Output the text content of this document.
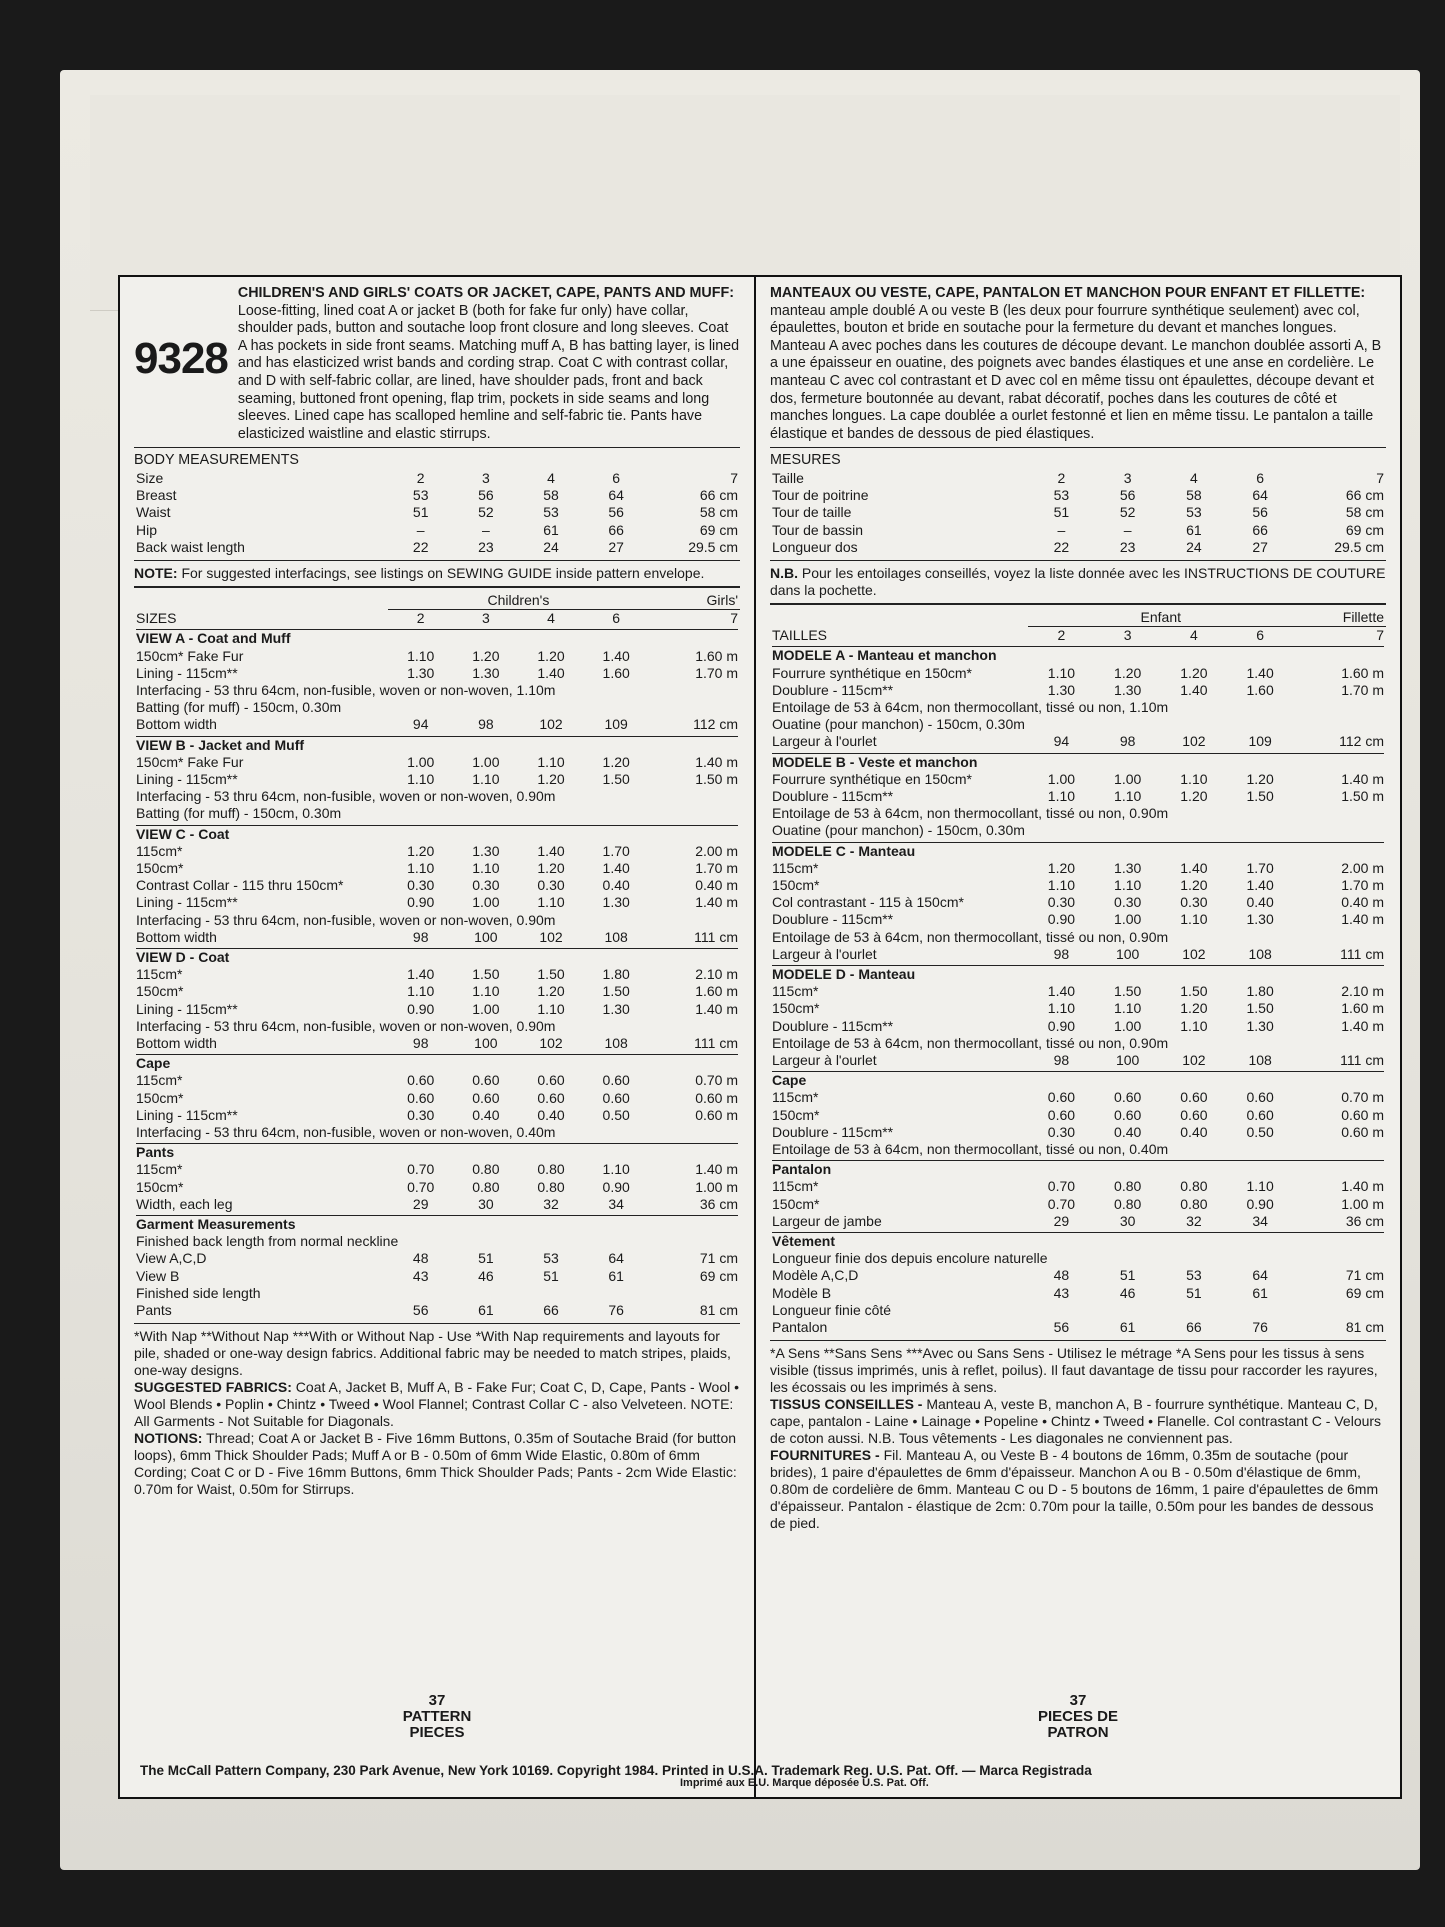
9328
CHILDREN'S AND GIRLS' COATS OR JACKET, CAPE, PANTS AND MUFF: Loose-fitting, lined coat A or jacket B (both for fake fur only) have collar, shoulder pads, button and soutache loop front closure and long sleeves. Coat A has pockets in side front seams. Matching muff A, B has batting layer, is lined and has elasticized wrist bands and cording strap. Coat C with contrast collar, and D with self-fabric collar, are lined, have shoulder pads, front and back seaming, buttoned front opening, flap trim, pockets in side seams and long sleeves. Lined cape has scalloped hemline and self-fabric tie. Pants have elasticized waistline and elastic stirrups.
BODY MEASUREMENTS
Size	2	3	4	6	7
Breast	53	56	58	64	66 cm
Waist	51	52	53	56	58 cm
Hip	–	–	61	66	69 cm
Back waist length	22	23	24	27	29.5 cm
NOTE: For suggested interfacings, see listings on SEWING GUIDE inside pattern envelope.
	Children's				Girls'
SIZES	2	3	4	6	7

VIEW A - Coat and Muff					
150cm* Fake Fur	1.10	1.20	1.20	1.40	1.60 m
Lining - 115cm**	1.30	1.30	1.40	1.60	1.70 m
Interfacing - 53 thru 64cm, non-fusible, woven or non-woven, 1.10m					
Batting (for muff) - 150cm, 0.30m					
Bottom width	94	98	102	109	112 cm

VIEW B - Jacket and Muff					
150cm* Fake Fur	1.00	1.00	1.10	1.20	1.40 m
Lining - 115cm**	1.10	1.10	1.20	1.50	1.50 m
Interfacing - 53 thru 64cm, non-fusible, woven or non-woven, 0.90m					
Batting (for muff) - 150cm, 0.30m					

VIEW C - Coat					
115cm*	1.20	1.30	1.40	1.70	2.00 m
150cm*	1.10	1.10	1.20	1.40	1.70 m
Contrast Collar - 115 thru 150cm*	0.30	0.30	0.30	0.40	0.40 m
Lining - 115cm**	0.90	1.00	1.10	1.30	1.40 m
Interfacing - 53 thru 64cm, non-fusible, woven or non-woven, 0.90m					
Bottom width	98	100	102	108	111 cm

VIEW D - Coat					
115cm*	1.40	1.50	1.50	1.80	2.10 m
150cm*	1.10	1.10	1.20	1.50	1.60 m
Lining - 115cm**	0.90	1.00	1.10	1.30	1.40 m
Interfacing - 53 thru 64cm, non-fusible, woven or non-woven, 0.90m					
Bottom width	98	100	102	108	111 cm

Cape					
115cm*	0.60	0.60	0.60	0.60	0.70 m
150cm*	0.60	0.60	0.60	0.60	0.60 m
Lining - 115cm**	0.30	0.40	0.40	0.50	0.60 m
Interfacing - 53 thru 64cm, non-fusible, woven or non-woven, 0.40m					

Pants					
115cm*	0.70	0.80	0.80	1.10	1.40 m
150cm*	0.70	0.80	0.80	0.90	1.00 m
Width, each leg	29	30	32	34	36 cm

Garment Measurements					
Finished back length from normal neckline					
View A,C,D	48	51	53	64	71 cm
View B	43	46	51	61	69 cm
Finished side length					
Pants	56	61	66	76	81 cm
*With Nap **Without Nap ***With or Without Nap - Use *With Nap requirements and layouts for pile, shaded or one-way design fabrics. Additional fabric may be needed to match stripes, plaids, one-way designs.
SUGGESTED FABRICS: Coat A, Jacket B, Muff A, B - Fake Fur; Coat C, D, Cape, Pants - Wool • Wool Blends • Poplin • Chintz • Tweed • Wool Flannel; Contrast Collar C - also Velveteen. NOTE: All Garments - Not Suitable for Diagonals.
NOTIONS: Thread; Coat A or Jacket B - Five 16mm Buttons, 0.35m of Soutache Braid (for button loops), 6mm Thick Shoulder Pads; Muff A or B - 0.50m of 6mm Wide Elastic, 0.80m of 6mm Cording; Coat C or D - Five 16mm Buttons, 6mm Thick Shoulder Pads; Pants - 2cm Wide Elastic: 0.70m for Waist, 0.50m for Stirrups.
37
PATTERN PIECES
MANTEAUX OU VESTE, CAPE, PANTALON ET MANCHON POUR ENFANT ET FILLETTE: manteau ample doublé A ou veste B (les deux pour fourrure synthétique seulement) avec col, épaulettes, bouton et bride en soutache pour la fermeture du devant et manches longues. Manteau A avec poches dans les coutures de découpe devant. Le manchon doublée assorti A, B a une épaisseur en ouatine, des poignets avec bandes élastiques et une anse en cordelière. Le manteau C avec col contrastant et D avec col en même tissu ont épaulettes, découpe devant et dos, fermeture boutonnée au devant, rabat décoratif, poches dans les coutures de côté et manches longues. La cape doublée a ourlet festonné et lien en même tissu. Le pantalon a taille élastique et bandes de dessous de pied élastiques.
MESURES
Taille	2	3	4	6	7
Tour de poitrine	53	56	58	64	66 cm
Tour de taille	51	52	53	56	58 cm
Tour de bassin	–	–	61	66	69 cm
Longueur dos	22	23	24	27	29.5 cm
N.B. Pour les entoilages conseillés, voyez la liste donnée avec les INSTRUCTIONS DE COUTURE dans la pochette.
	Enfant				Fillette
TAILLES	2	3	4	6	7

MODELE A - Manteau et manchon					
Fourrure synthétique en 150cm*	1.10	1.20	1.20	1.40	1.60 m
Doublure - 115cm**	1.30	1.30	1.40	1.60	1.70 m
Entoilage de 53 à 64cm, non thermocollant, tissé ou non, 1.10m					
Ouatine (pour manchon) - 150cm, 0.30m					
Largeur à l'ourlet	94	98	102	109	112 cm

MODELE B - Veste et manchon					
Fourrure synthétique en 150cm*	1.00	1.00	1.10	1.20	1.40 m
Doublure - 115cm**	1.10	1.10	1.20	1.50	1.50 m
Entoilage de 53 à 64cm, non thermocollant, tissé ou non, 0.90m					
Ouatine (pour manchon) - 150cm, 0.30m					

MODELE C - Manteau					
115cm*	1.20	1.30	1.40	1.70	2.00 m
150cm*	1.10	1.10	1.20	1.40	1.70 m
Col contrastant - 115 à 150cm*	0.30	0.30	0.30	0.40	0.40 m
Doublure - 115cm**	0.90	1.00	1.10	1.30	1.40 m
Entoilage de 53 à 64cm, non thermocollant, tissé ou non, 0.90m					
Largeur à l'ourlet	98	100	102	108	111 cm

MODELE D - Manteau					
115cm*	1.40	1.50	1.50	1.80	2.10 m
150cm*	1.10	1.10	1.20	1.50	1.60 m
Doublure - 115cm**	0.90	1.00	1.10	1.30	1.40 m
Entoilage de 53 à 64cm, non thermocollant, tissé ou non, 0.90m					
Largeur à l'ourlet	98	100	102	108	111 cm

Cape					
115cm*	0.60	0.60	0.60	0.60	0.70 m
150cm*	0.60	0.60	0.60	0.60	0.60 m
Doublure - 115cm**	0.30	0.40	0.40	0.50	0.60 m
Entoilage de 53 à 64cm, non thermocollant, tissé ou non, 0.40m					

Pantalon					
115cm*	0.70	0.80	0.80	1.10	1.40 m
150cm*	0.70	0.80	0.80	0.90	1.00 m
Largeur de jambe	29	30	32	34	36 cm

Vêtement					
Longueur finie dos depuis encolure naturelle					
Modèle A,C,D	48	51	53	64	71 cm
Modèle B	43	46	51	61	69 cm
Longueur finie côté					
Pantalon	56	61	66	76	81 cm
*A Sens **Sans Sens ***Avec ou Sans Sens - Utilisez le métrage *A Sens pour les tissus à sens visible (tissus imprimés, unis à reflet, poilus). Il faut davantage de tissu pour raccorder les rayures, les écossais ou les imprimés à sens.
TISSUS CONSEILLES - Manteau A, veste B, manchon A, B - fourrure synthétique. Manteau C, D, cape, pantalon - Laine • Lainage • Popeline • Chintz • Tweed • Flanelle. Col contrastant C - Velours de coton aussi. N.B. Tous vêtements - Les diagonales ne conviennent pas.
FOURNITURES - Fil. Manteau A, ou Veste B - 4 boutons de 16mm, 0.35m de soutache (pour brides), 1 paire d'épaulettes de 6mm d'épaisseur. Manchon A ou B - 0.50m d'élastique de 6mm, 0.80m de cordelière de 6mm. Manteau C ou D - 5 boutons de 16mm, 1 paire d'épaulettes de 6mm d'épaisseur. Pantalon - élastique de 2cm: 0.70m pour la taille, 0.50m pour les bandes de dessous de pied.
37
PIECES DE PATRON
The McCall Pattern Company, 230 Park Avenue, New York 10169. Copyright 1984. Printed in U.S.A. Trademark Reg. U.S. Pat. Off. — Marca Registrada
Imprimé aux E.U. Marque déposée U.S. Pat. Off.
